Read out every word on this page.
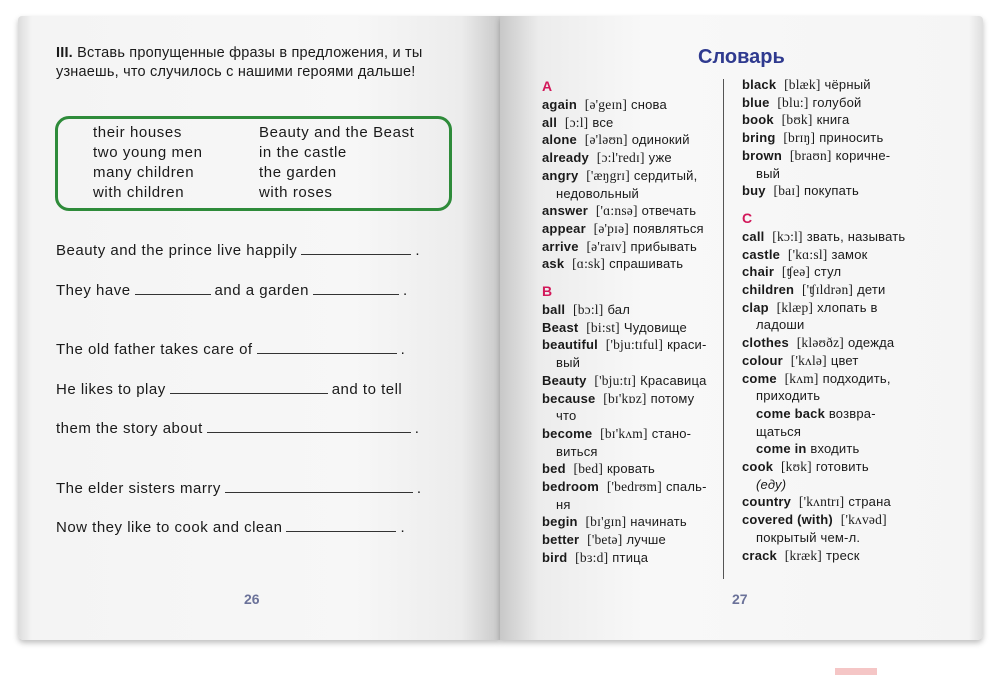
III. Вставь пропущенные фразы в предложения, и ты узнаешь, что случилось с нашими героями дальше!
their houses
two young men
many children
with children
Beauty and the Beast
in the castle
the garden
with roses
Beauty and the prince live happily	.
They have	and a garden	.
The old father takes care of	.
He likes to play	and to tell
them the story about	.
The elder sisters marry	.
Now they like to cook and clean	.
26
Словарь
A
again [ə'geɪn] снова
all [ɔ:l] все
alone [ə'ləʊn] одинокий
already [ɔ:l'redɪ] уже
angry ['æŋgrɪ] сердитый,
недовольный
answer ['ɑ:nsə] отвечать
appear [ə'pɪə] появляться
arrive [ə'raɪv] прибывать
ask [ɑ:sk] спрашивать
B
ball [bɔ:l] бал
Beast [bi:st] Чудовище
beautiful ['bju:tɪful] краси-
вый
Beauty ['bju:tɪ] Красавица
because [bɪ'kɒz] потому
что
become [bɪ'kʌm] стано-
виться
bed [bed] кровать
bedroom ['bedrʊm] спаль-
ня
begin [bɪ'gɪn] начинать
better ['betə] лучше
bird [bɜ:d] птица
black [blæk] чёрный
blue [blu:] голубой
book [bʊk] книга
bring [brɪŋ] приносить
brown [braʊn] коричне-
вый
buy [baɪ] покупать
C
call [kɔ:l] звать, называть
castle ['kɑ:sl] замок
chair [ʧeə] стул
children ['ʧɪldrən] дети
clap [klæp] хлопать в
ладоши
clothes [kləʊðz] одежда
colour ['kʌlə] цвет
come [kʌm] подходить,
приходить
come back возвра-
щаться
come in входить
cook [kʊk] готовить
(еду)
country ['kʌntrɪ] страна
covered (with) ['kʌvəd]
покрытый чем-л.
crack [kræk] треск
27
